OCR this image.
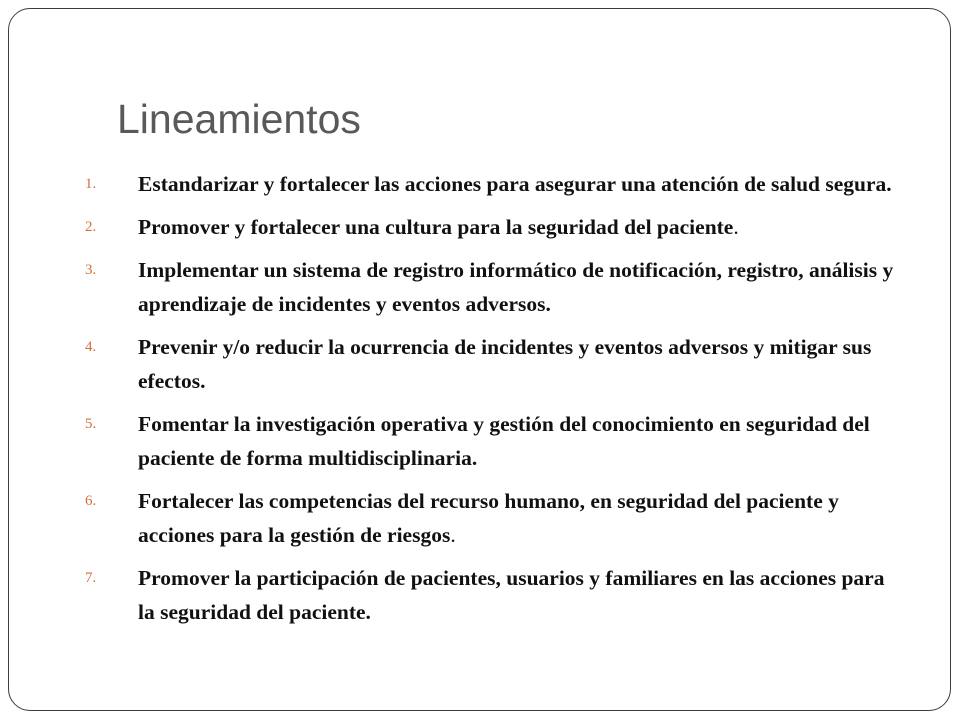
Lineamientos
1.	Estandarizar y fortalecer las acciones para asegurar una atención de salud segura.
2.	Promover y fortalecer una cultura para la seguridad del paciente.
3.	Implementar un sistema de registro informático de notificación, registro, análisis y aprendizaje de incidentes y eventos adversos.
4.	Prevenir y/o reducir la ocurrencia de incidentes y eventos adversos y mitigar sus efectos.
5.	Fomentar la investigación operativa y gestión del conocimiento en seguridad del paciente de forma multidisciplinaria.
6.	Fortalecer las competencias del recurso humano, en seguridad del paciente y acciones para la gestión de riesgos.
7.	Promover la participación de pacientes, usuarios y familiares en las acciones para la seguridad del paciente.
